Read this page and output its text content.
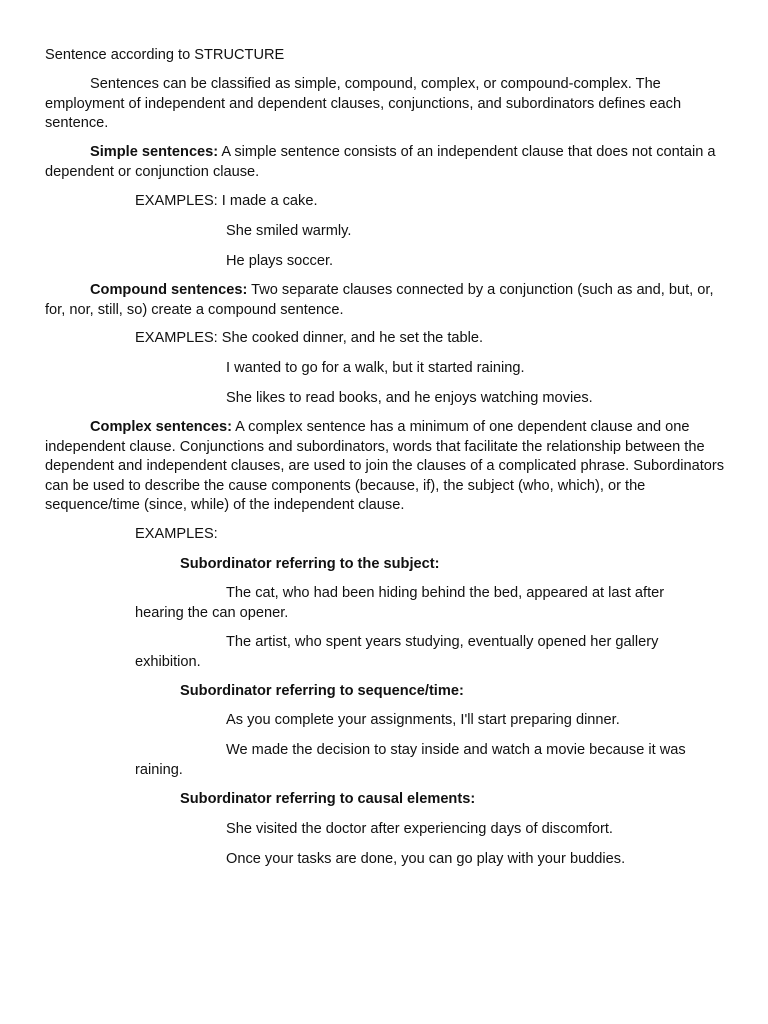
Sentence according to STRUCTURE

Sentences can be classified as simple, compound, complex, or compound-complex. The employment of independent and dependent clauses, conjunctions, and subordinators defines each sentence.

Simple sentences: A simple sentence consists of an independent clause that does not contain a dependent or conjunction clause.

EXAMPLES: I made a cake.

She smiled warmly.

He plays soccer.

Compound sentences: Two separate clauses connected by a conjunction (such as and, but, or, for, nor, still, so) create a compound sentence.

EXAMPLES: She cooked dinner, and he set the table.

I wanted to go for a walk, but it started raining.

She likes to read books, and he enjoys watching movies.

Complex sentences: A complex sentence has a minimum of one dependent clause and one independent clause. Conjunctions and subordinators, words that facilitate the relationship between the dependent and independent clauses, are used to join the clauses of a complicated phrase. Subordinators can be used to describe the cause components (because, if), the subject (who, which), or the sequence/time (since, while) of the independent clause.

EXAMPLES:

Subordinator referring to the subject:

The cat, who had been hiding behind the bed, appeared at last after hearing the can opener.

The artist, who spent years studying, eventually opened her gallery exhibition.

Subordinator referring to sequence/time:

As you complete your assignments, I'll start preparing dinner.

We made the decision to stay inside and watch a movie because it was raining.

Subordinator referring to causal elements:

She visited the doctor after experiencing days of discomfort.

Once your tasks are done, you can go play with your buddies.
